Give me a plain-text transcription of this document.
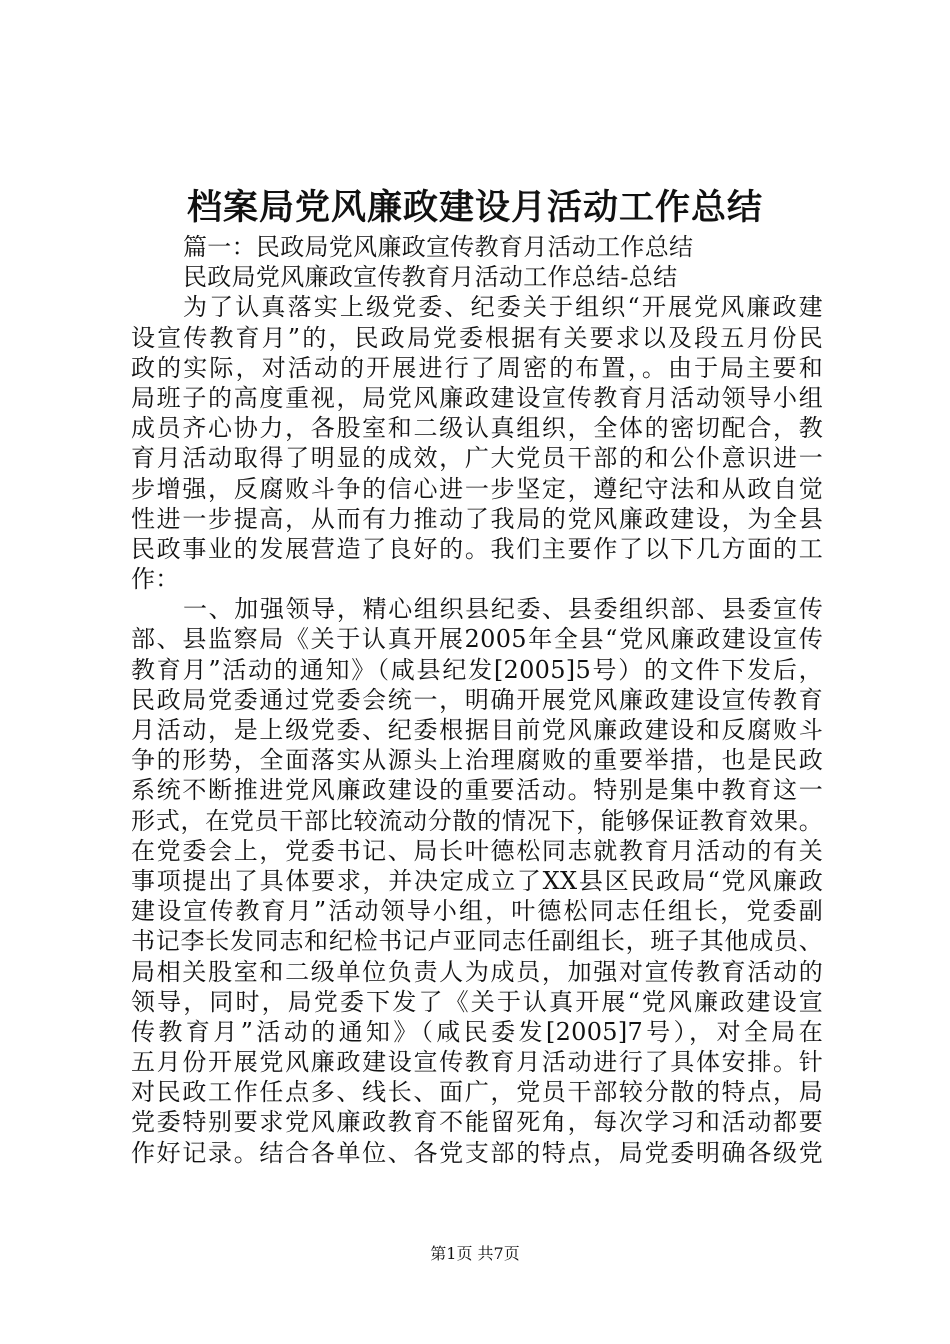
档案局党风廉政建设月活动工作总结
篇一：民政局党风廉政宣传教育月活动工作总结
民政局党风廉政宣传教育月活动工作总结-总结
为了认真落实上级党委、纪委关于组织“开展党风廉政建
设宣传教育月”的，民政局党委根据有关要求以及段五月份民
政的实际，对活动的开展进行了周密的布置，。由于局主要和
局班子的高度重视，局党风廉政建设宣传教育月活动领导小组
成员齐心协力，各股室和二级认真组织，全体的密切配合，教
育月活动取得了明显的成效，广大党员干部的和公仆意识进一
步增强，反腐败斗争的信心进一步坚定，遵纪守法和从政自觉
性进一步提高，从而有力推动了我局的党风廉政建设，为全县
民政事业的发展营造了良好的。我们主要作了以下几方面的工
作：
一、加强领导，精心组织县纪委、县委组织部、县委宣传
部、县监察局《关于认真开展2005年全县“党风廉政建设宣传
教育月”活动的通知》（咸县纪发[2005]5号）的文件下发后，
民政局党委通过党委会统一，明确开展党风廉政建设宣传教育
月活动，是上级党委、纪委根据目前党风廉政建设和反腐败斗
争的形势，全面落实从源头上治理腐败的重要举措，也是民政
系统不断推进党风廉政建设的重要活动。特别是集中教育这一
形式，在党员干部比较流动分散的情况下，能够保证教育效果。
在党委会上，党委书记、局长叶德松同志就教育月活动的有关
事项提出了具体要求，并决定成立了XX县区民政局“党风廉政
建设宣传教育月”活动领导小组，叶德松同志任组长，党委副
书记李长发同志和纪检书记卢亚同志任副组长，班子其他成员、
局相关股室和二级单位负责人为成员，加强对宣传教育活动的
领导，同时，局党委下发了《关于认真开展“党风廉政建设宣
传教育月”活动的通知》（咸民委发[2005]7号），对全局在
五月份开展党风廉政建设宣传教育月活动进行了具体安排。针
对民政工作任点多、线长、面广，党员干部较分散的特点，局
党委特别要求党风廉政教育不能留死角，每次学习和活动都要
作好记录。结合各单位、各党支部的特点，局党委明确各级党
第1页 共7页
